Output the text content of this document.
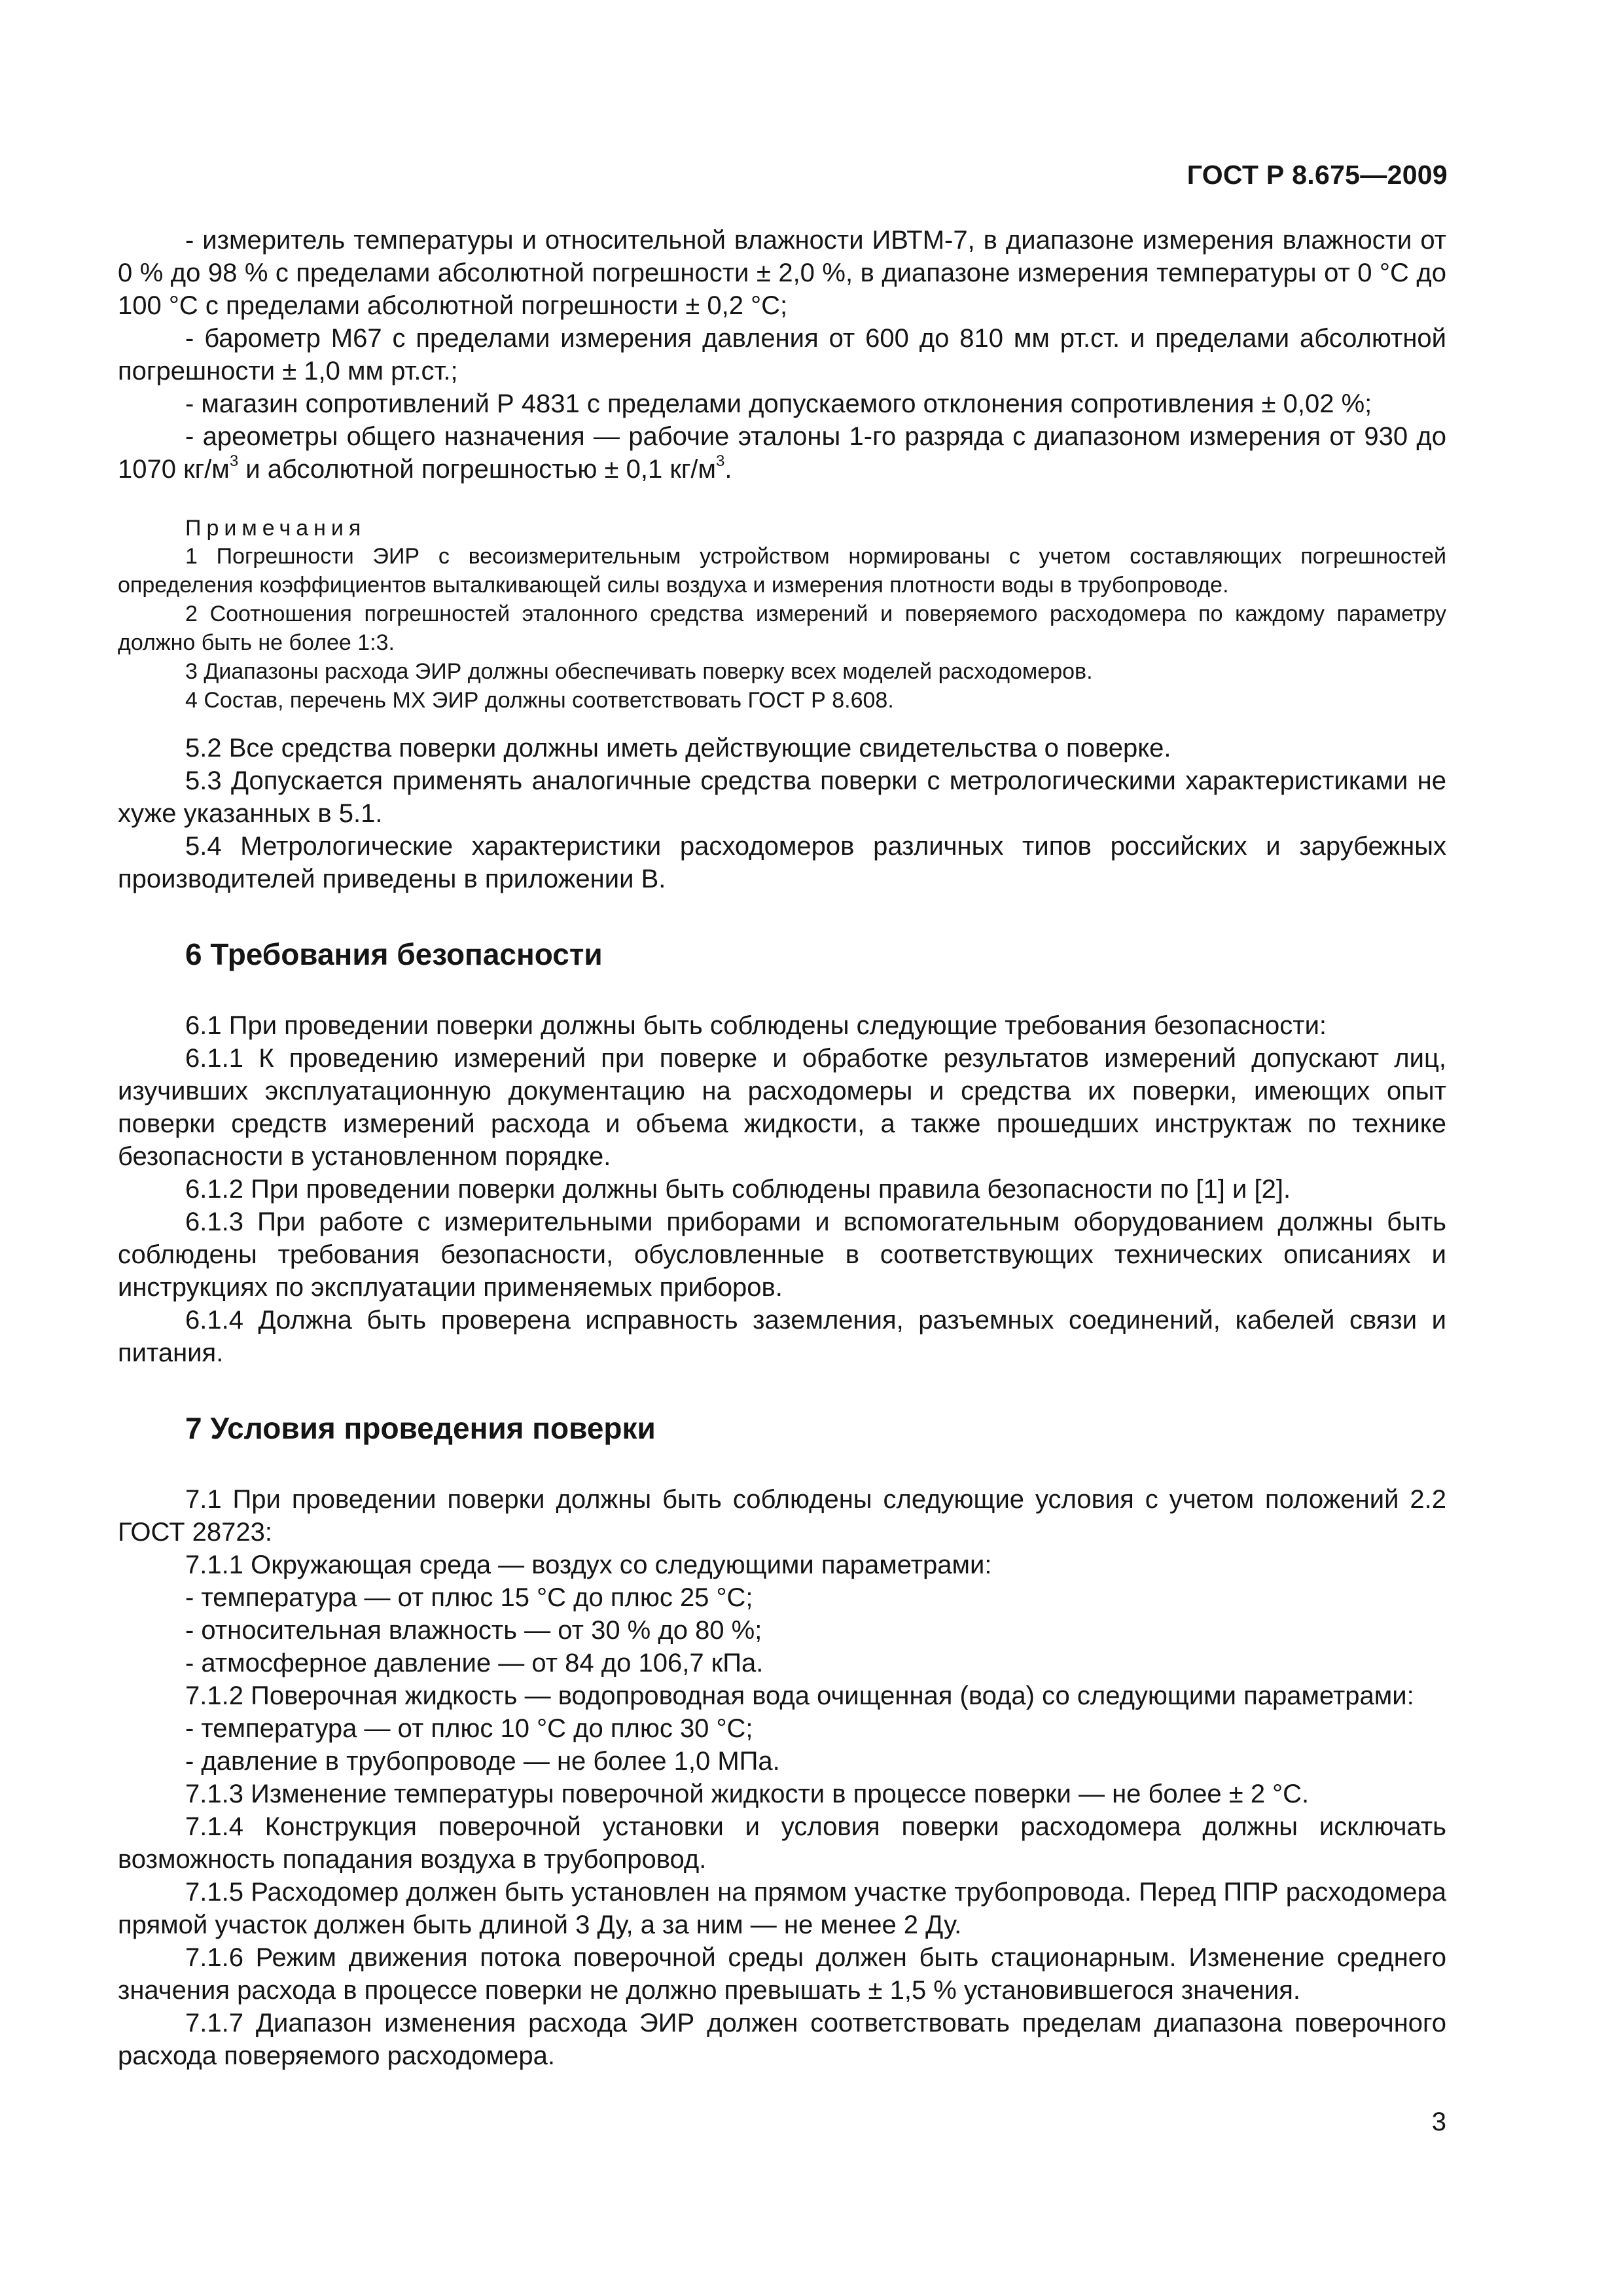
ГОСТ Р 8.675—2009

- измеритель температуры и относительной влажности ИВТМ-7, в диапазоне измерения влажности от 0 % до 98 % с пределами абсолютной погрешности ± 2,0 %, в диапазоне измерения температуры от 0 °С до 100 °С с пределами абсолютной погрешности ± 0,2 °С;

- барометр М67 с пределами измерения давления от 600 до 810 мм рт.ст. и пределами абсолютной погрешности ± 1,0 мм рт.ст.;

- магазин сопротивлений Р 4831 с пределами допускаемого отклонения сопротивления ± 0,02 %;

- ареометры общего назначения — рабочие эталоны 1-го разряда с диапазоном измерения от 930 до 1070 $кг/м^3$ и абсолютной погрешностью ± 0,1 $кг/м^3$.

Примечания

1 Погрешности ЭИР с весоизмерительным устройством нормированы с учетом составляющих погрешностей определения коэффициентов выталкивающей силы воздуха и измерения плотности воды в трубопроводе.

2 Соотношения погрешностей эталонного средства измерений и поверяемого расходомера по каждому параметру должно быть не более 1:3.

3 Диапазоны расхода ЭИР должны обеспечивать поверку всех моделей расходомеров.

4 Состав, перечень МХ ЭИР должны соответствовать ГОСТ Р 8.608.

5.2 Все средства поверки должны иметь действующие свидетельства о поверке.

5.3 Допускается применять аналогичные средства поверки с метрологическими характеристиками не хуже указанных в 5.1.

5.4 Метрологические характеристики расходомеров различных типов российских и зарубежных производителей приведены в приложении В.

6 Требования безопасности

6.1 При проведении поверки должны быть соблюдены следующие требования безопасности:

6.1.1 К проведению измерений при поверке и обработке результатов измерений допускают лиц, изучивших эксплуатационную документацию на расходомеры и средства их поверки, имеющих опыт поверки средств измерений расхода и объема жидкости, а также прошедших инструктаж по технике безопасности в установленном порядке.

6.1.2 При проведении поверки должны быть соблюдены правила безопасности по [1] и [2].

6.1.3 При работе с измерительными приборами и вспомогательным оборудованием должны быть соблюдены требования безопасности, обусловленные в соответствующих технических описаниях и инструкциях по эксплуатации применяемых приборов.

6.1.4 Должна быть проверена исправность заземления, разъемных соединений, кабелей связи и питания.

7 Условия проведения поверки

7.1 При проведении поверки должны быть соблюдены следующие условия с учетом положений 2.2 ГОСТ 28723:

7.1.1 Окружающая среда — воздух со следующими параметрами:

- температура — от плюс 15 °С до плюс 25 °С;

- относительная влажность — от 30 % до 80 %;

- атмосферное давление — от 84 до 106,7 кПа.

7.1.2 Поверочная жидкость — водопроводная вода очищенная (вода) со следующими параметрами:

- температура — от плюс 10 °С до плюс 30 °С;

- давление в трубопроводе — не более 1,0 МПа.

7.1.3 Изменение температуры поверочной жидкости в процессе поверки — не более ± 2 °С.

7.1.4 Конструкция поверочной установки и условия поверки расходомера должны исключать возможность попадания воздуха в трубопровод.

7.1.5 Расходомер должен быть установлен на прямом участке трубопровода. Перед ППР расходомера прямой участок должен быть длиной 3 Ду, а за ним — не менее 2 Ду.

7.1.6 Режим движения потока поверочной среды должен быть стационарным. Изменение среднего значения расхода в процессе поверки не должно превышать ± 1,5 % установившегося значения.

7.1.7 Диапазон изменения расхода ЭИР должен соответствовать пределам диапазона поверочного расхода поверяемого расходомера.

3
